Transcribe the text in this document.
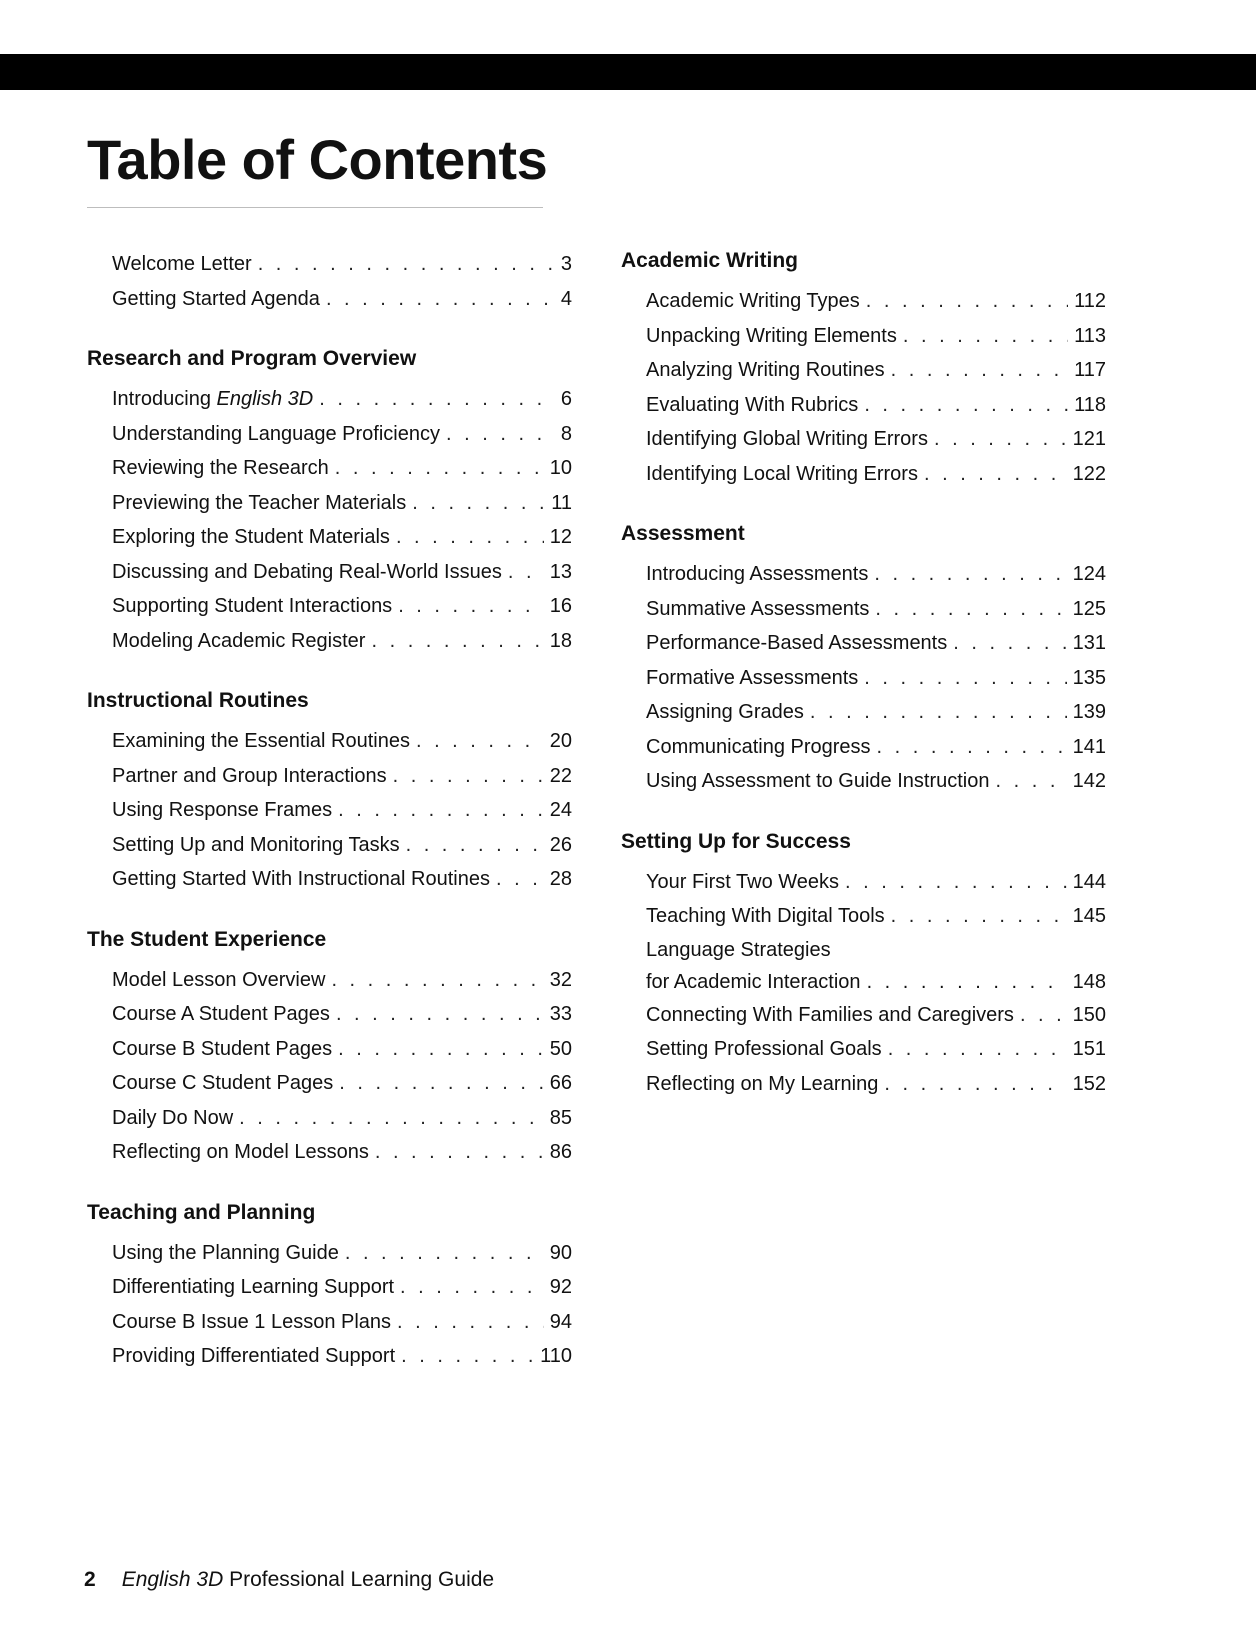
Table of Contents
Welcome Letter . . .	3
Getting Started Agenda . . .	4
Research and Program Overview
Introducing English 3D . . .	6
Understanding Language Proficiency . . .	8
Reviewing the Research . . .	10
Previewing the Teacher Materials . . .	11
Exploring the Student Materials . . .	12
Discussing and Debating Real-World Issues . . . 13
Supporting Student Interactions . . .	16
Modeling Academic Register . . .	18
Instructional Routines
Examining the Essential Routines . . .	20
Partner and Group Interactions . . .	22
Using Response Frames . . .	24
Setting Up and Monitoring Tasks . . .	26
Getting Started With Instructional Routines . . .	28
The Student Experience
Model Lesson Overview . . .	32
Course A Student Pages . . .	33
Course B Student Pages . . .	50
Course C Student Pages . . .	66
Daily Do Now . . .	85
Reflecting on Model Lessons . . .	86
Teaching and Planning
Using the Planning Guide . . .	90
Differentiating Learning Support . . .	92
Course B Issue 1 Lesson Plans . . .	94
Providing Differentiated Support . . .	110
Academic Writing
Academic Writing Types . . .	112
Unpacking Writing Elements . . .	113
Analyzing Writing Routines . . .	117
Evaluating With Rubrics . . .	118
Identifying Global Writing Errors . . .	121
Identifying Local Writing Errors . . .	122
Assessment
Introducing Assessments . . .	124
Summative Assessments . . .	125
Performance-Based Assessments . . .	131
Formative Assessments . . .	135
Assigning Grades . . .	139
Communicating Progress . . .	141
Using Assessment to Guide Instruction . . .	142
Setting Up for Success
Your First Two Weeks . . .	144
Teaching With Digital Tools . . .	145
Language Strategies
for Academic Interaction . . .	148
Connecting With Families and Caregivers . . .	150
Setting Professional Goals . . .	151
Reflecting on My Learning . . .	152
2 English 3D Professional Learning Guide
